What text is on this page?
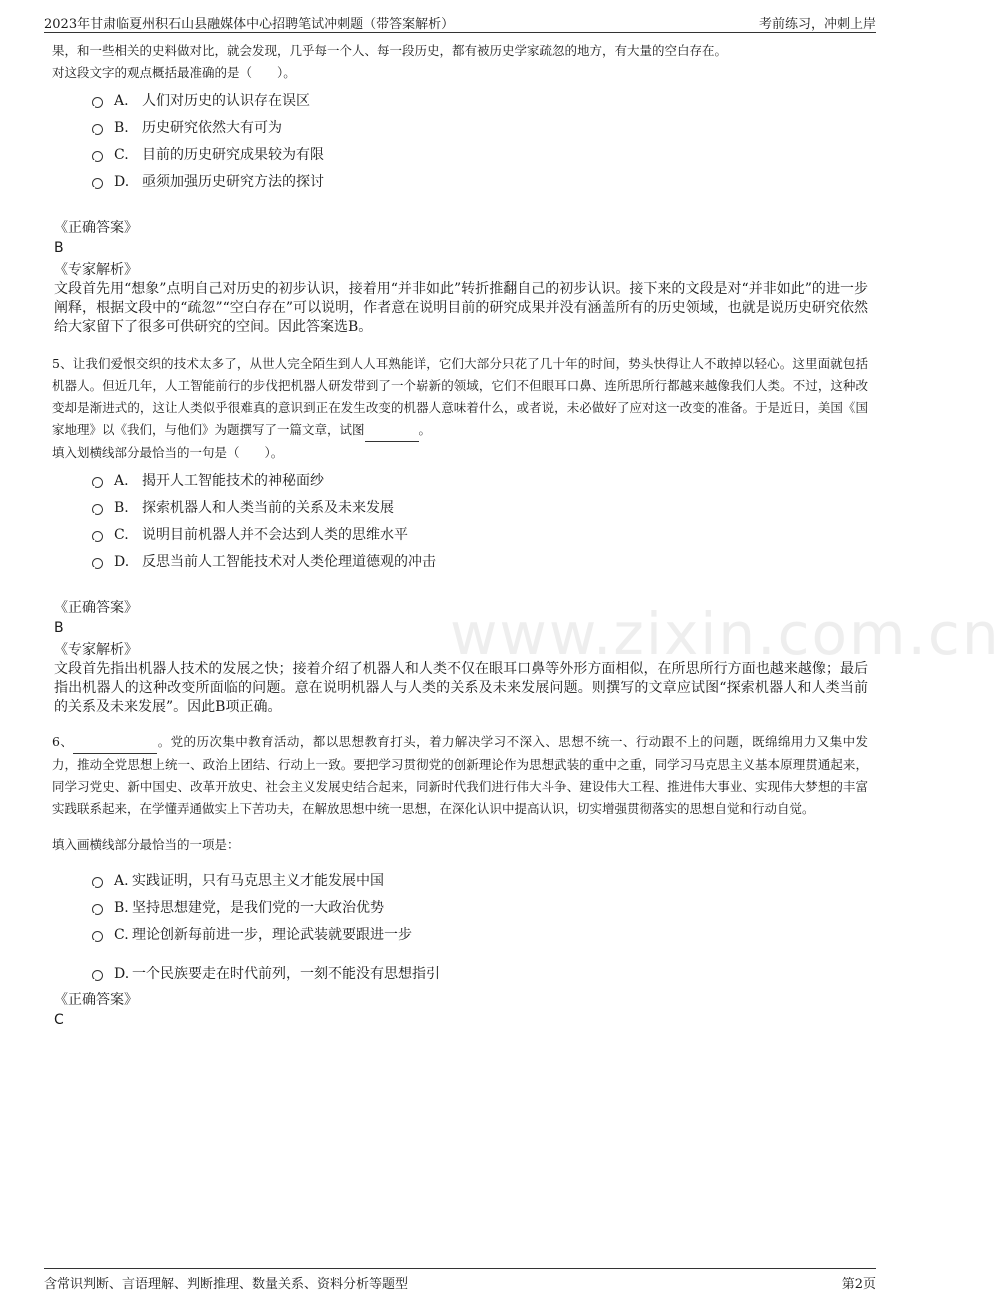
2023年甘肃临夏州积石山县融媒体中心招聘笔试冲刺题（带答案解析）	考前练习，冲刺上岸
www.zixin.com.cn

果，和一些相关的史料做对比，就会发现，几乎每一个人、每一段历史，都有被历史学家疏忽的地方，有大量的空白存在。

对这段文字的观点概括最准确的是（　　）。

A. 人们对历史的认识存在误区
B. 历史研究依然大有可为
C. 目前的历史研究成果较为有限
D. 亟须加强历史研究方法的探讨

《正确答案》

B

《专家解析》

文段首先用“想象”点明自己对历史的初步认识，接着用“并非如此”转折推翻自己的初步认识。接下来的文段是对“并非如此”的进一步阐释，根据文段中的“疏忽”“空白存在”可以说明，作者意在说明目前的研究成果并没有涵盖所有的历史领域，也就是说历史研究依然给大家留下了很多可供研究的空间。因此答案选B。

5、让我们爱恨交织的技术太多了，从世人完全陌生到人人耳熟能详，它们大部分只花了几十年的时间，势头快得让人不敢掉以轻心。这里面就包括机器人。但近几年，人工智能前行的步伐把机器人研发带到了一个崭新的领域，它们不但眼耳口鼻、连所思所行都越来越像我们人类。不过，这种改变却是渐进式的，这让人类似乎很难真的意识到正在发生改变的机器人意味着什么，或者说，未必做好了应对这一改变的准备。于是近日，美国《国家地理》以《我们，与他们》为题撰写了一篇文章，试图	。

填入划横线部分最恰当的一句是（　　）。

A. 揭开人工智能技术的神秘面纱
B. 探索机器人和人类当前的关系及未来发展
C. 说明目前机器人并不会达到人类的思维水平
D. 反思当前人工智能技术对人类伦理道德观的冲击

《正确答案》

B

《专家解析》

文段首先指出机器人技术的发展之快；接着介绍了机器人和人类不仅在眼耳口鼻等外形方面相似，在所思所行方面也越来越像；最后指出机器人的这种改变所面临的问题。意在说明机器人与人类的关系及未来发展问题。则撰写的文章应试图“探索机器人和人类当前的关系及未来发展”。因此B项正确。

6、	。党的历次集中教育活动，都以思想教育打头，着力解决学习不深入、思想不统一、行动跟不上的问题，既绵绵用力又集中发力，推动全党思想上统一、政治上团结、行动上一致。要把学习贯彻党的创新理论作为思想武装的重中之重，同学习马克思主义基本原理贯通起来，同学习党史、新中国史、改革开放史、社会主义发展史结合起来，同新时代我们进行伟大斗争、建设伟大工程、推进伟大事业、实现伟大梦想的丰富实践联系起来，在学懂弄通做实上下苦功夫，在解放思想中统一思想，在深化认识中提高认识，切实增强贯彻落实的思想自觉和行动自觉。

填入画横线部分最恰当的一项是：

A. 实践证明，只有马克思主义才能发展中国
B. 坚持思想建党，是我们党的一大政治优势
C. 理论创新每前进一步，理论武装就要跟进一步
D. 一个民族要走在时代前列，一刻不能没有思想指引

《正确答案》

C

含常识判断、言语理解、判断推理、数量关系、资料分析等题型	第2页
